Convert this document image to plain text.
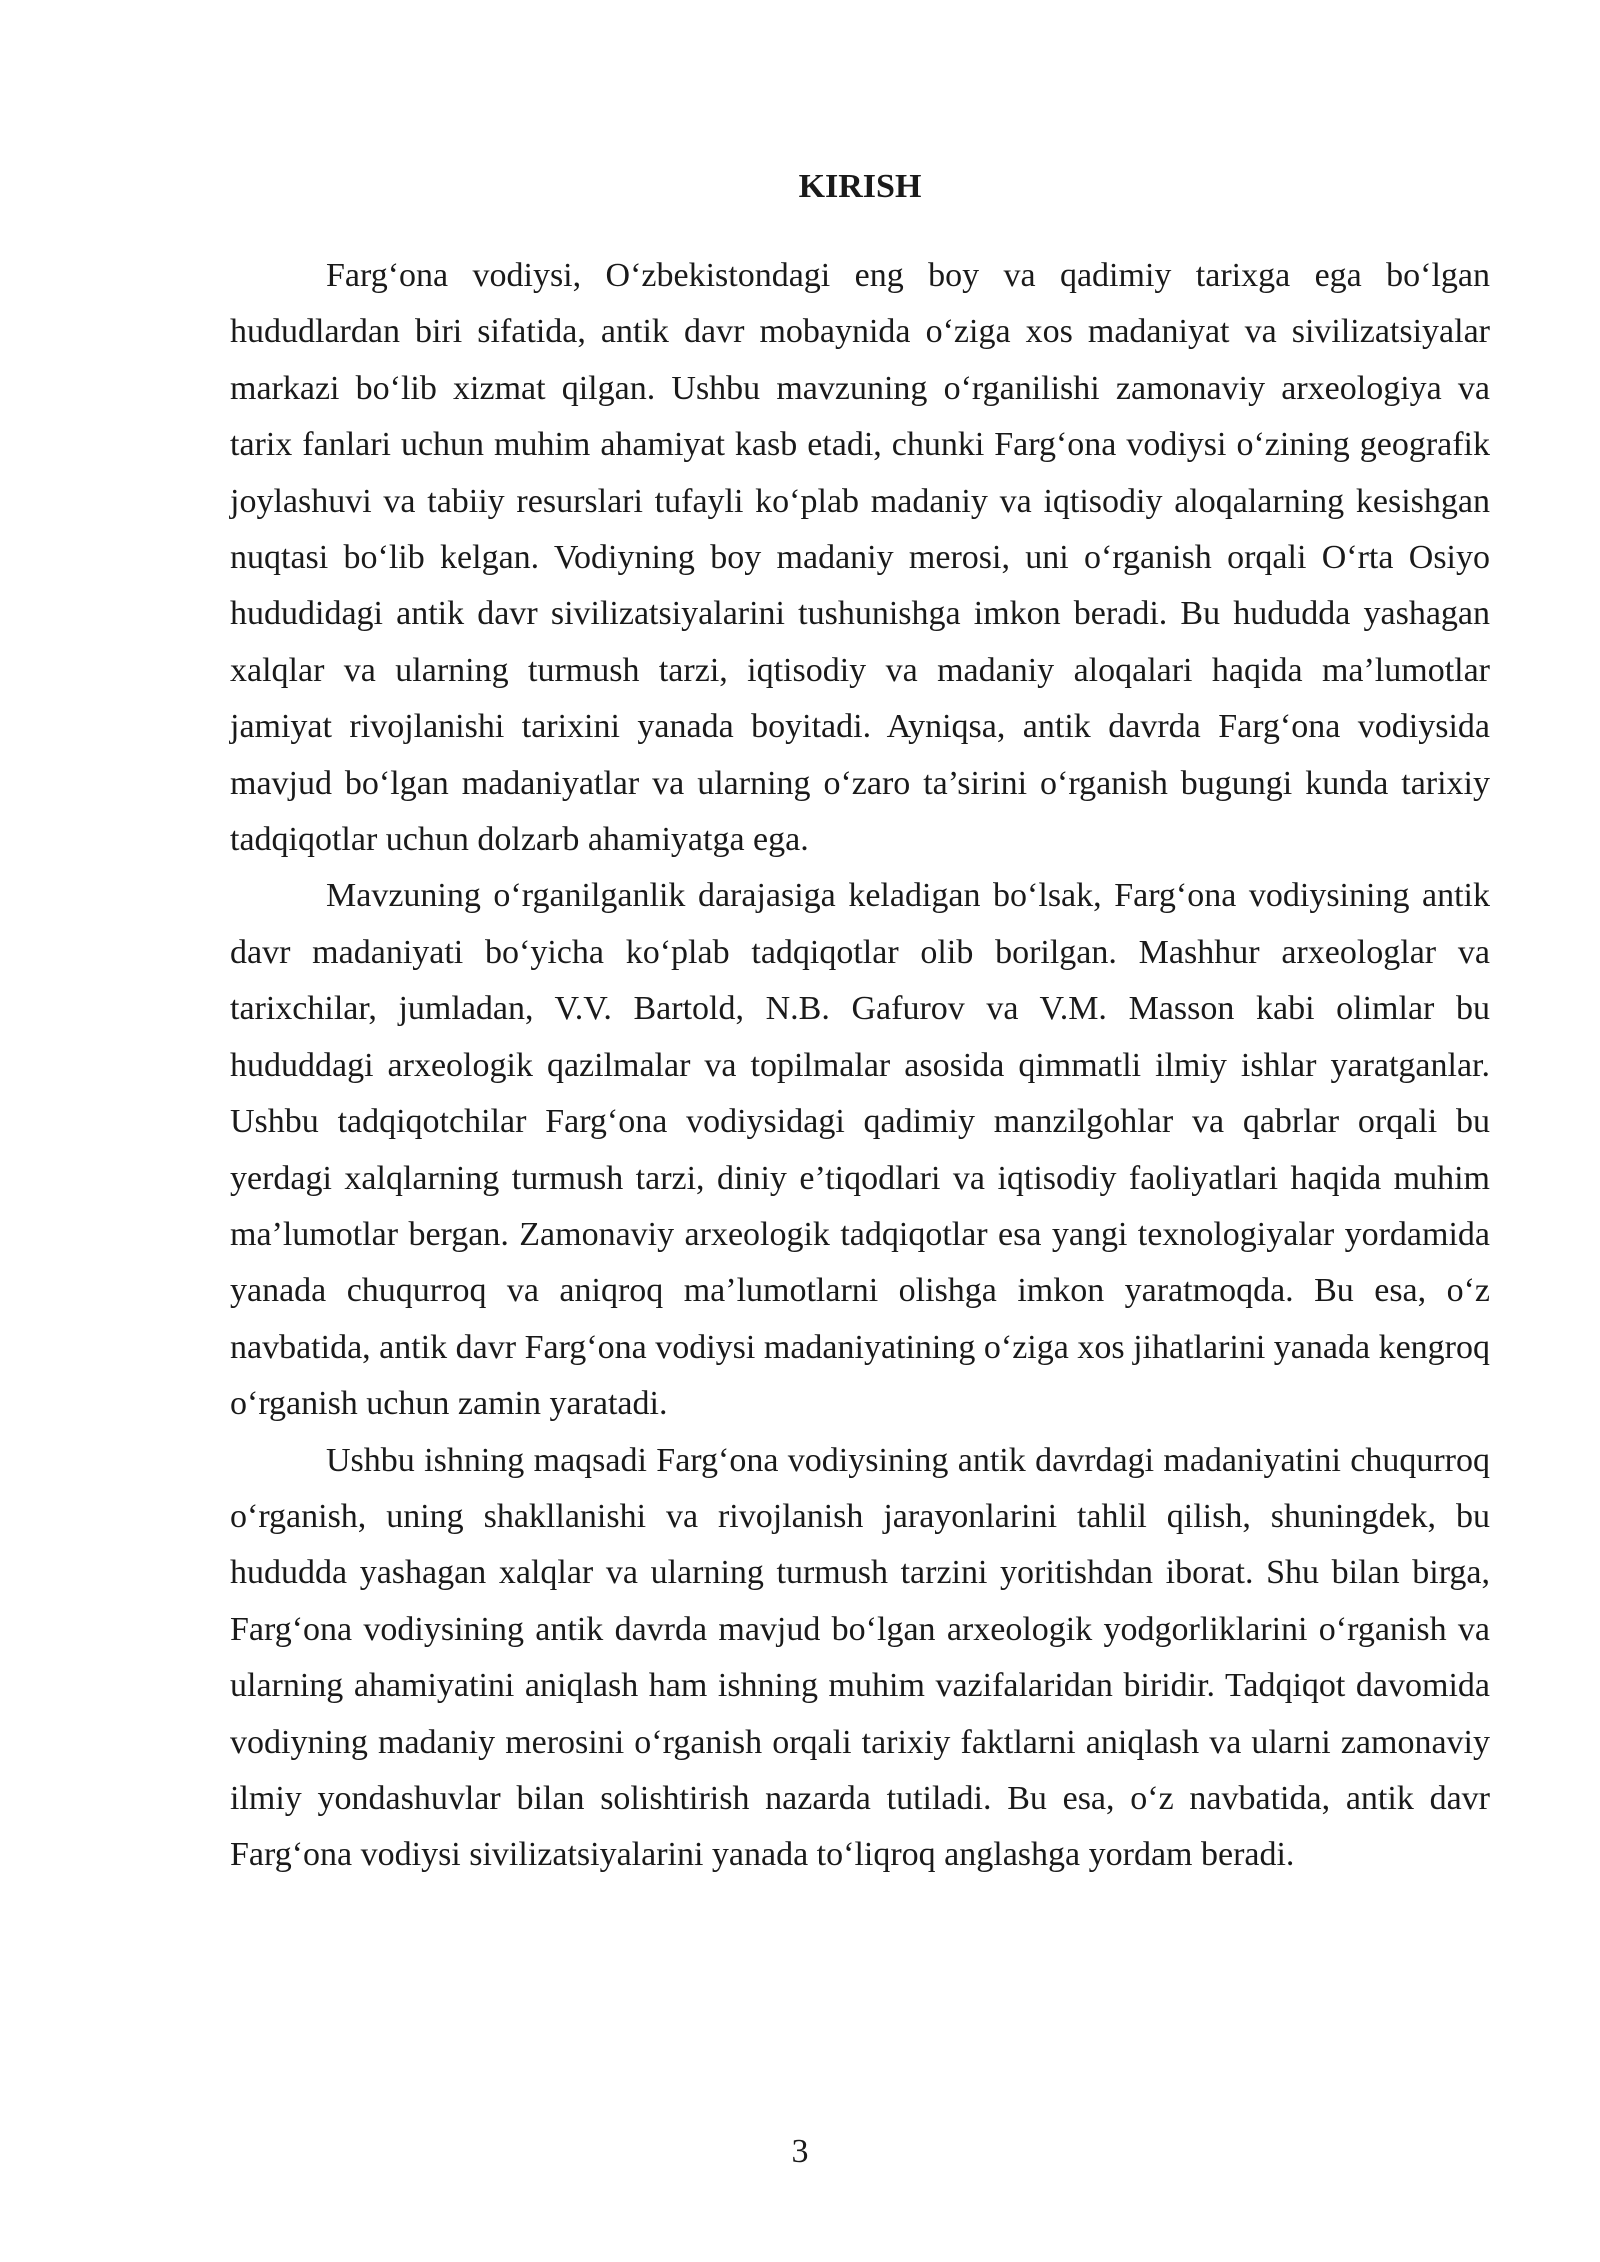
KIRISH

Farg‘ona vodiysi, O‘zbekistondagi eng boy va qadimiy tarixga ega bo‘lgan hududlardan biri sifatida, antik davr mobaynida o‘ziga xos madaniyat va sivilizatsiyalar markazi bo‘lib xizmat qilgan. Ushbu mavzuning o‘rganilishi zamonaviy arxeologiya va tarix fanlari uchun muhim ahamiyat kasb etadi, chunki Farg‘ona vodiysi o‘zining geografik joylashuvi va tabiiy resurslari tufayli ko‘plab madaniy va iqtisodiy aloqalarning kesishgan nuqtasi bo‘lib kelgan. Vodiyning boy madaniy merosi, uni o‘rganish orqali O‘rta Osiyo hududidagi antik davr sivilizatsiyalarini tushunishga imkon beradi. Bu hududda yashagan xalqlar va ularning turmush tarzi, iqtisodiy va madaniy aloqalari haqida ma’lumotlar jamiyat rivojlanishi tarixini yanada boyitadi. Ayniqsa, antik davrda Farg‘ona vodiysida mavjud bo‘lgan madaniyatlar va ularning o‘zaro ta’sirini o‘rganish bugungi kunda tarixiy tadqiqotlar uchun dolzarb ahamiyatga ega.

Mavzuning o‘rganilganlik darajasiga keladigan bo‘lsak, Farg‘ona vodiysining antik davr madaniyati bo‘yicha ko‘plab tadqiqotlar olib borilgan. Mashhur arxeologlar va tarixchilar, jumladan, V.V. Bartold, N.B. Gafurov va V.M. Masson kabi olimlar bu hududdagi arxeologik qazilmalar va topilmalar asosida qimmatli ilmiy ishlar yaratganlar. Ushbu tadqiqotchilar Farg‘ona vodiysidagi qadimiy manzilgohlar va qabrlar orqali bu yerdagi xalqlarning turmush tarzi, diniy e’tiqodlari va iqtisodiy faoliyatlari haqida muhim ma’lumotlar bergan. Zamonaviy arxeologik tadqiqotlar esa yangi texnologiyalar yordamida yanada chuqurroq va aniqroq ma’lumotlarni olishga imkon yaratmoqda. Bu esa, o‘z navbatida, antik davr Farg‘ona vodiysi madaniyatining o‘ziga xos jihatlarini yanada kengroq o‘rganish uchun zamin yaratadi.

Ushbu ishning maqsadi Farg‘ona vodiysining antik davrdagi madaniyatini chuqurroq o‘rganish, uning shakllanishi va rivojlanish jarayonlarini tahlil qilish, shuningdek, bu hududda yashagan xalqlar va ularning turmush tarzini yoritishdan iborat. Shu bilan birga, Farg‘ona vodiysining antik davrda mavjud bo‘lgan arxeologik yodgorliklarini o‘rganish va ularning ahamiyatini aniqlash ham ishning muhim vazifalaridan biridir. Tadqiqot davomida vodiyning madaniy merosini o‘rganish orqali tarixiy faktlarni aniqlash va ularni zamonaviy ilmiy yondashuvlar bilan solishtirish nazarda tutiladi. Bu esa, o‘z navbatida, antik davr Farg‘ona vodiysi sivilizatsiyalarini yanada to‘liqroq anglashga yordam beradi.

3
